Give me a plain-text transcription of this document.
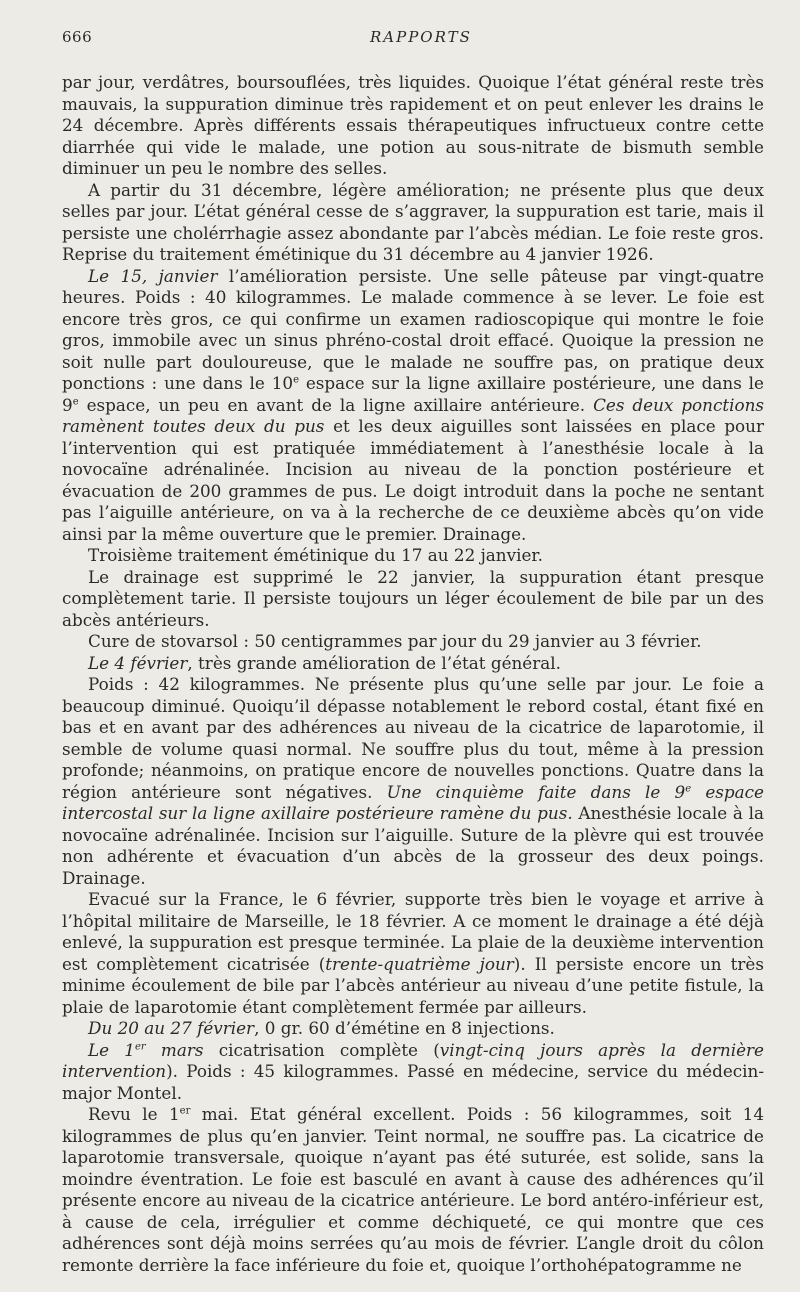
666	RAPPORTS

par jour, verdâtres, boursouflées, très liquides. Quoique l’état général reste très mauvais, la suppuration diminue très rapidement et on peut enlever les drains le 24 décembre. Après différents essais thérapeutiques infructueux contre cette diarrhée qui vide le malade, une potion au sous-nitrate de bismuth semble diminuer un peu le nombre des selles.

A partir du 31 décembre, légère amélioration; ne présente plus que deux selles par jour. L’état général cesse de s’aggraver, la suppuration est tarie, mais il persiste une cholérrhagie assez abondante par l’abcès médian. Le foie reste gros. Reprise du traitement émétinique du 31 décembre au 4 janvier 1926.

Le 15, janvier l’amélioration persiste. Une selle pâteuse par vingt-quatre heures. Poids : 40 kilogrammes. Le malade commence à se lever. Le foie est encore très gros, ce qui confirme un examen radioscopique qui montre le foie gros, immobile avec un sinus phréno-costal droit effacé. Quoique la pression ne soit nulle part douloureuse, que le malade ne souffre pas, on pratique deux ponctions : une dans le 10e espace sur la ligne axillaire postérieure, une dans le 9e espace, un peu en avant de la ligne axillaire antérieure. Ces deux ponctions ramènent toutes deux du pus et les deux aiguilles sont laissées en place pour l’intervention qui est pratiquée immédiatement à l’anesthésie locale à la novocaïne adrénalinée. Incision au niveau de la ponction postérieure et évacuation de 200 grammes de pus. Le doigt introduit dans la poche ne sentant pas l’aiguille antérieure, on va à la recherche de ce deuxième abcès qu’on vide ainsi par la même ouverture que le premier. Drainage.

Troisième traitement émétinique du 17 au 22 janvier.

Le drainage est supprimé le 22 janvier, la suppuration étant presque complètement tarie. Il persiste toujours un léger écoulement de bile par un des abcès antérieurs.

Cure de stovarsol : 50 centigrammes par jour du 29 janvier au 3 février.

Le 4 février, très grande amélioration de l’état général.

Poids : 42 kilogrammes. Ne présente plus qu’une selle par jour. Le foie a beaucoup diminué. Quoiqu’il dépasse notablement le rebord costal, étant fixé en bas et en avant par des adhérences au niveau de la cicatrice de laparotomie, il semble de volume quasi normal. Ne souffre plus du tout, même à la pression profonde; néanmoins, on pratique encore de nouvelles ponctions. Quatre dans la région antérieure sont négatives. Une cinquième faite dans le 9e espace intercostal sur la ligne axillaire postérieure ramène du pus. Anesthésie locale à la novocaïne adrénalinée. Incision sur l’aiguille. Suture de la plèvre qui est trouvée non adhérente et évacuation d’un abcès de la grosseur des deux poings. Drainage.

Evacué sur la France, le 6 février, supporte très bien le voyage et arrive à l’hôpital militaire de Marseille, le 18 février. A ce moment le drainage a été déjà enlevé, la suppuration est presque terminée. La plaie de la deuxième intervention est complètement cicatrisée (trente-quatrième jour). Il persiste encore un très minime écoulement de bile par l’abcès antérieur au niveau d’une petite fistule, la plaie de laparotomie étant complètement fermée par ailleurs.

Du 20 au 27 février, 0 gr. 60 d’émétine en 8 injections.

Le 1er mars cicatrisation complète (vingt-cinq jours après la dernière intervention). Poids : 45 kilogrammes. Passé en médecine, service du médecin-major Montel.

Revu le 1er mai. Etat général excellent. Poids : 56 kilogrammes, soit 14 kilogrammes de plus qu’en janvier. Teint normal, ne souffre pas. La cicatrice de laparotomie transversale, quoique n’ayant pas été suturée, est solide, sans la moindre éventration. Le foie est basculé en avant à cause des adhérences qu’il présente encore au niveau de la cicatrice antérieure. Le bord antéro-inférieur est, à cause de cela, irrégulier et comme déchiqueté, ce qui montre que ces adhérences sont déjà moins serrées qu’au mois de février. L’angle droit du côlon remonte derrière la face inférieure du foie et, quoique l’orthohépatogramme ne
